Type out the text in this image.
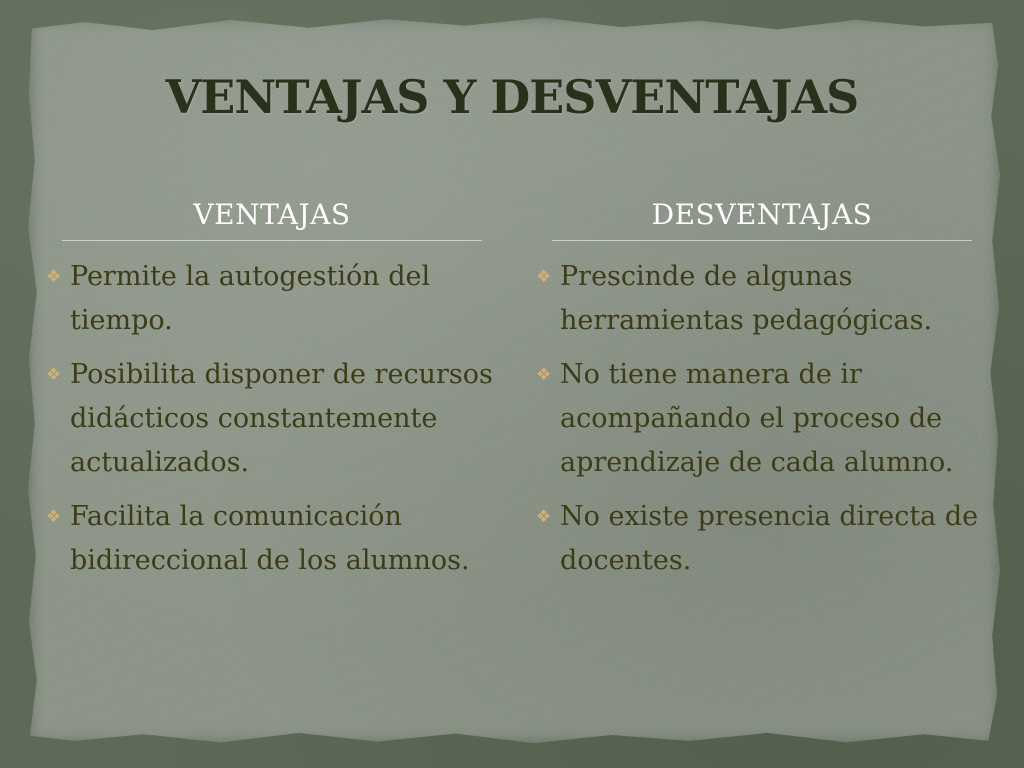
VENTAJAS Y DESVENTAJAS
VENTAJAS
❖ Permite la autogestión del tiempo.
❖ Posibilita disponer de recursos didácticos constantemente actualizados.
❖ Facilita la comunicación bidireccional de los alumnos.
DESVENTAJAS
❖ Prescinde de algunas herramientas pedagógicas.
❖ No tiene manera de ir acompañando el proceso de aprendizaje de cada alumno.
❖ No existe presencia directa de docentes.
